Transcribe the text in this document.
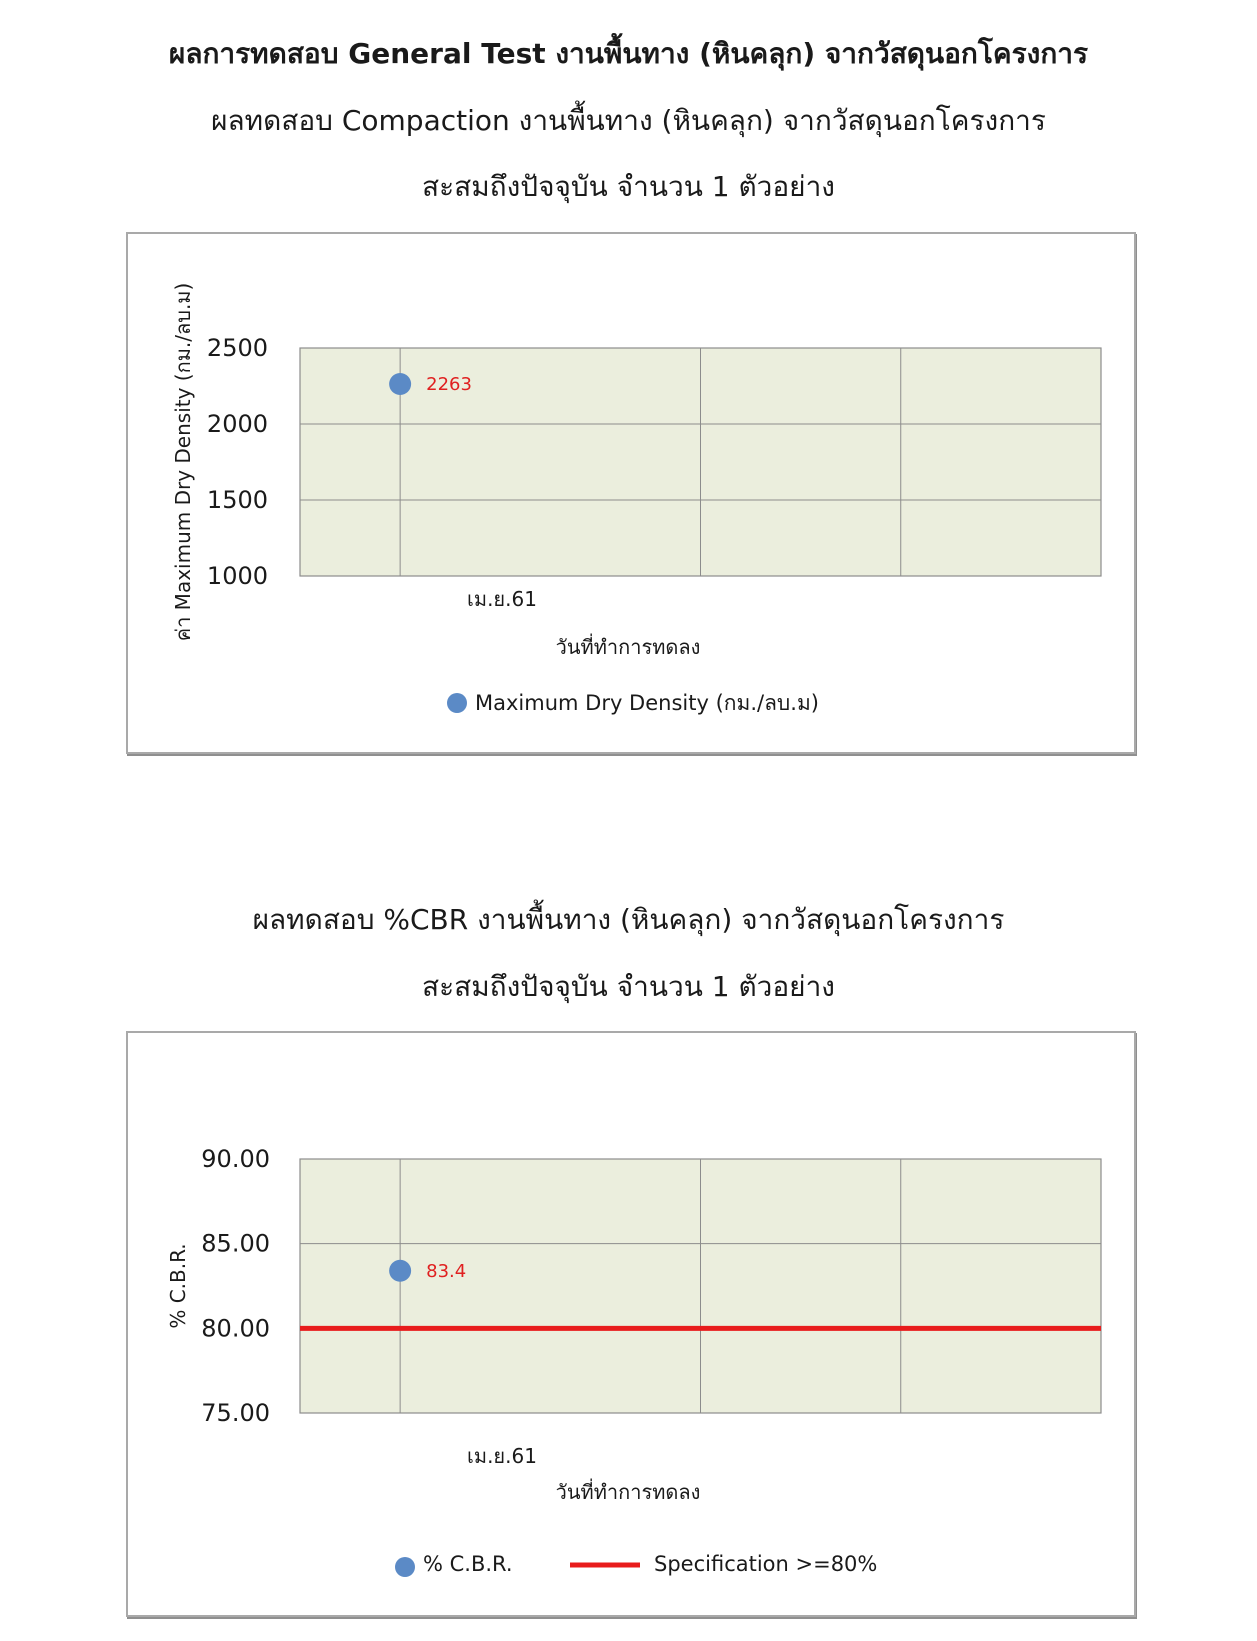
ผลการทดสอบ General Test งานพื้นทาง (หินคลุก) จากวัสดุนอกโครงการ
ผลทดสอบ Compaction งานพื้นทาง (หินคลุก) จากวัสดุนอกโครงการ
สะสมถึงปัจจุบัน จำนวน 1 ตัวอย่าง
2500
2000
1500
1000
เม.ย.61
วันที่ทำการทดลง
ค่า Maximum Dry Density (กม./ลบ.ม)	2263
Maximum Dry Density (กม./ลบ.ม)
ผลทดสอบ %CBR งานพื้นทาง (หินคลุก) จากวัสดุนอกโครงการ
สะสมถึงปัจจุบัน จำนวน 1 ตัวอย่าง
90.00
85.00
80.00
75.00
เม.ย.61
วันที่ทำการทดลง
% C.B.R.	83.4
% C.B.R.	Specification >=80%
